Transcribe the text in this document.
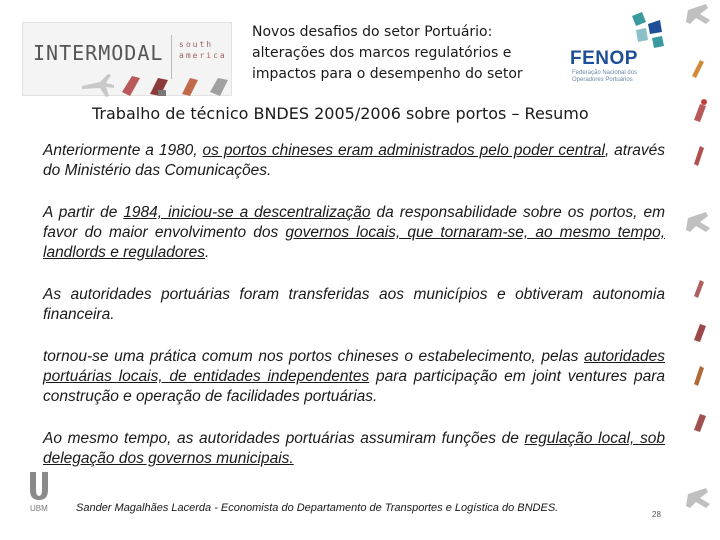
INTERMODAL south
america
Novos desafios do setor Portuário:
alterações dos marcos regulatórios e
impactos para o desempenho do setor
FENOP
Federação Nacional dos Operadores Portuários
Trabalho de técnico BNDES 2005/2006 sobre portos – Resumo

Anteriormente a 1980, os portos chineses eram administrados pelo poder central, através do Ministério das Comunicações.

A partir de 1984, iniciou-se a descentralização da responsabilidade sobre os portos, em favor do maior envolvimento dos governos locais, que tornaram-se, ao mesmo tempo, landlords e reguladores.

As autoridades portuárias foram transferidas aos municípios e obtiveram autonomia financeira.

tornou-se uma prática comum nos portos chineses o estabelecimento, pelas autoridades portuárias locais, de entidades independentes para participação em joint ventures para construção e operação de facilidades portuárias.

Ao mesmo tempo, as autoridades portuárias assumiram funções de regulação local, sob delegação dos governos municipais.

UBM	Sander Magalhães Lacerda - Economista do Departamento de Transportes e Logística do BNDES.
28
